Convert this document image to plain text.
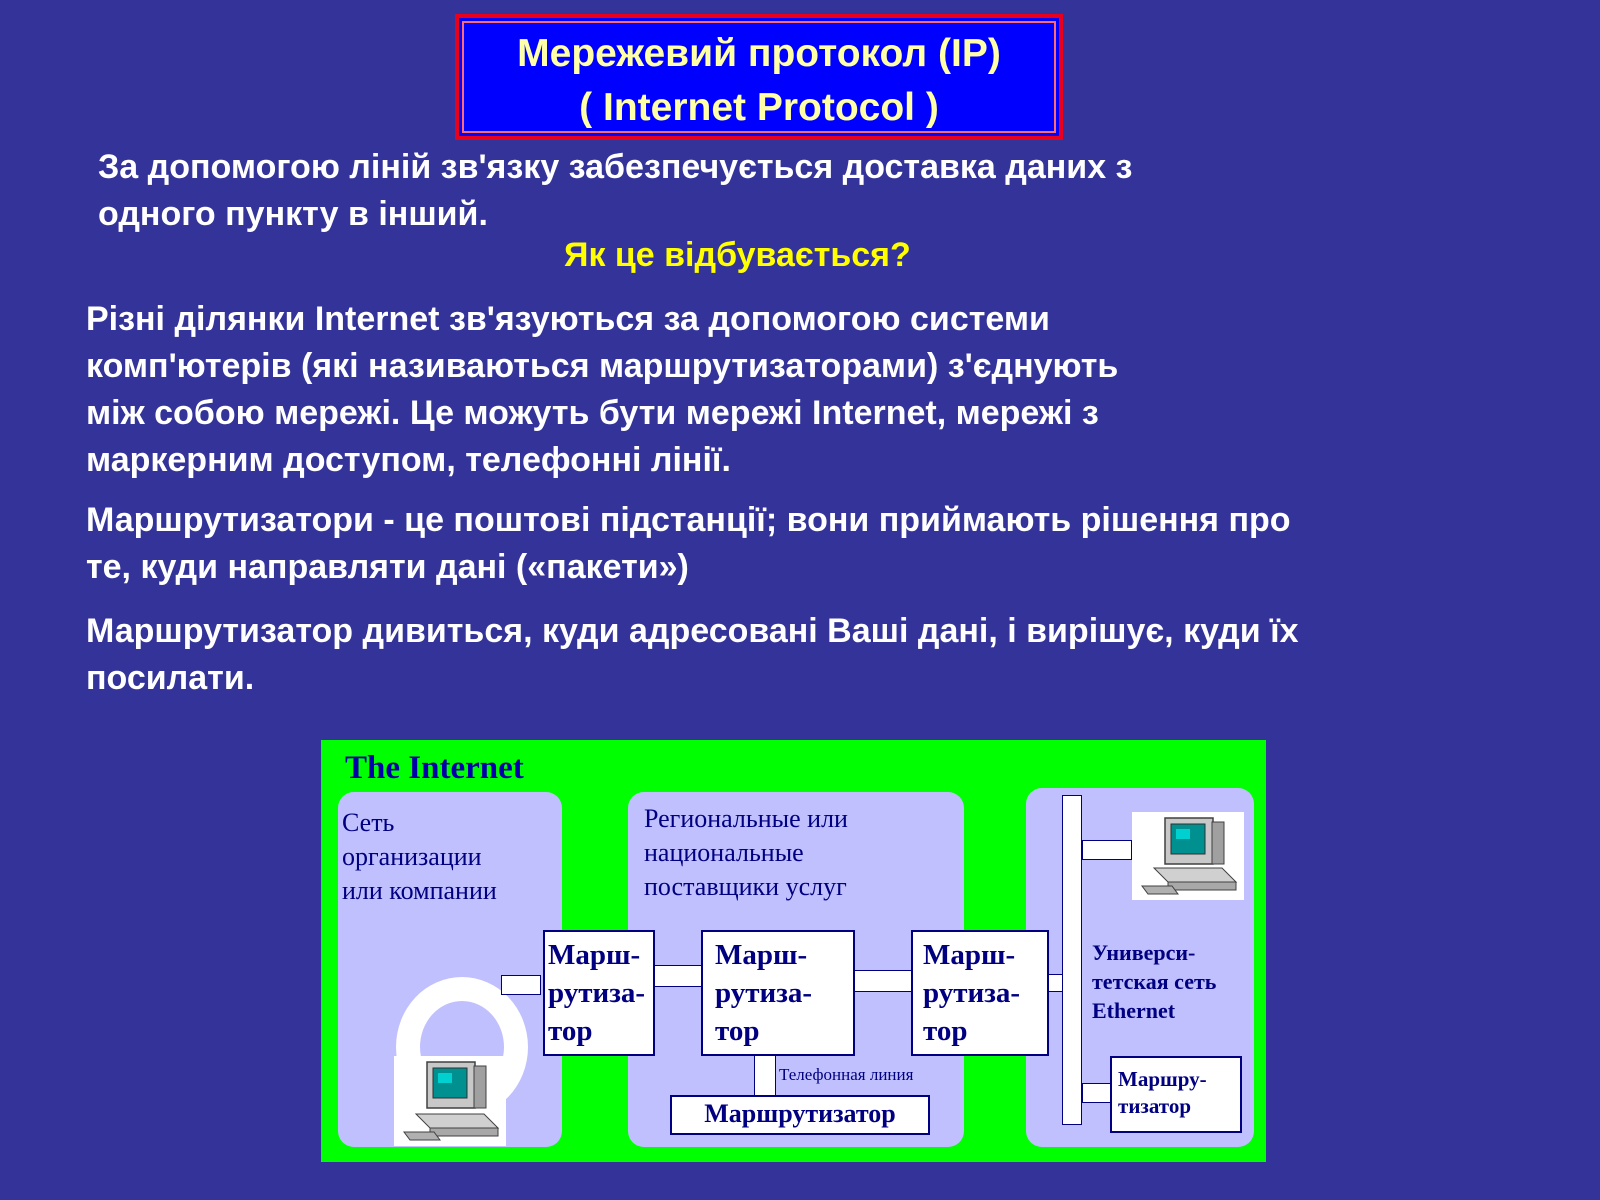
Мережевий протокол (IP)
( Internet Protocol )
За допомогою ліній зв'язку забезпечується доставка даних з
одного пункту в інший.
Як це відбувається?
Різні ділянки Internet зв'язуються за допомогою системи
комп'ютерів (які називаються маршрутизаторами) з'єднують
між собою мережі. Це можуть бути мережі Internet, мережі з
маркерним доступом, телефонні лінії.
Маршрутизатори - це поштові підстанції; вони приймають рішення про
те, куди направляти дані («пакети»)
Маршрутизатор дивиться, куди адресовані Ваші дані, і вирішує, куди їх
посилати.
The Internet
Сеть
организации
или компании
Региональные или
национальные
поставщики услуг
Марш-
рутиза-
тор
Марш-
рутиза-
тор
Марш-
рутиза-
тор
Телефонная линия
Маршрутизатор
Универси-
тетская сеть
Ethernet
Маршру-
тизатор
